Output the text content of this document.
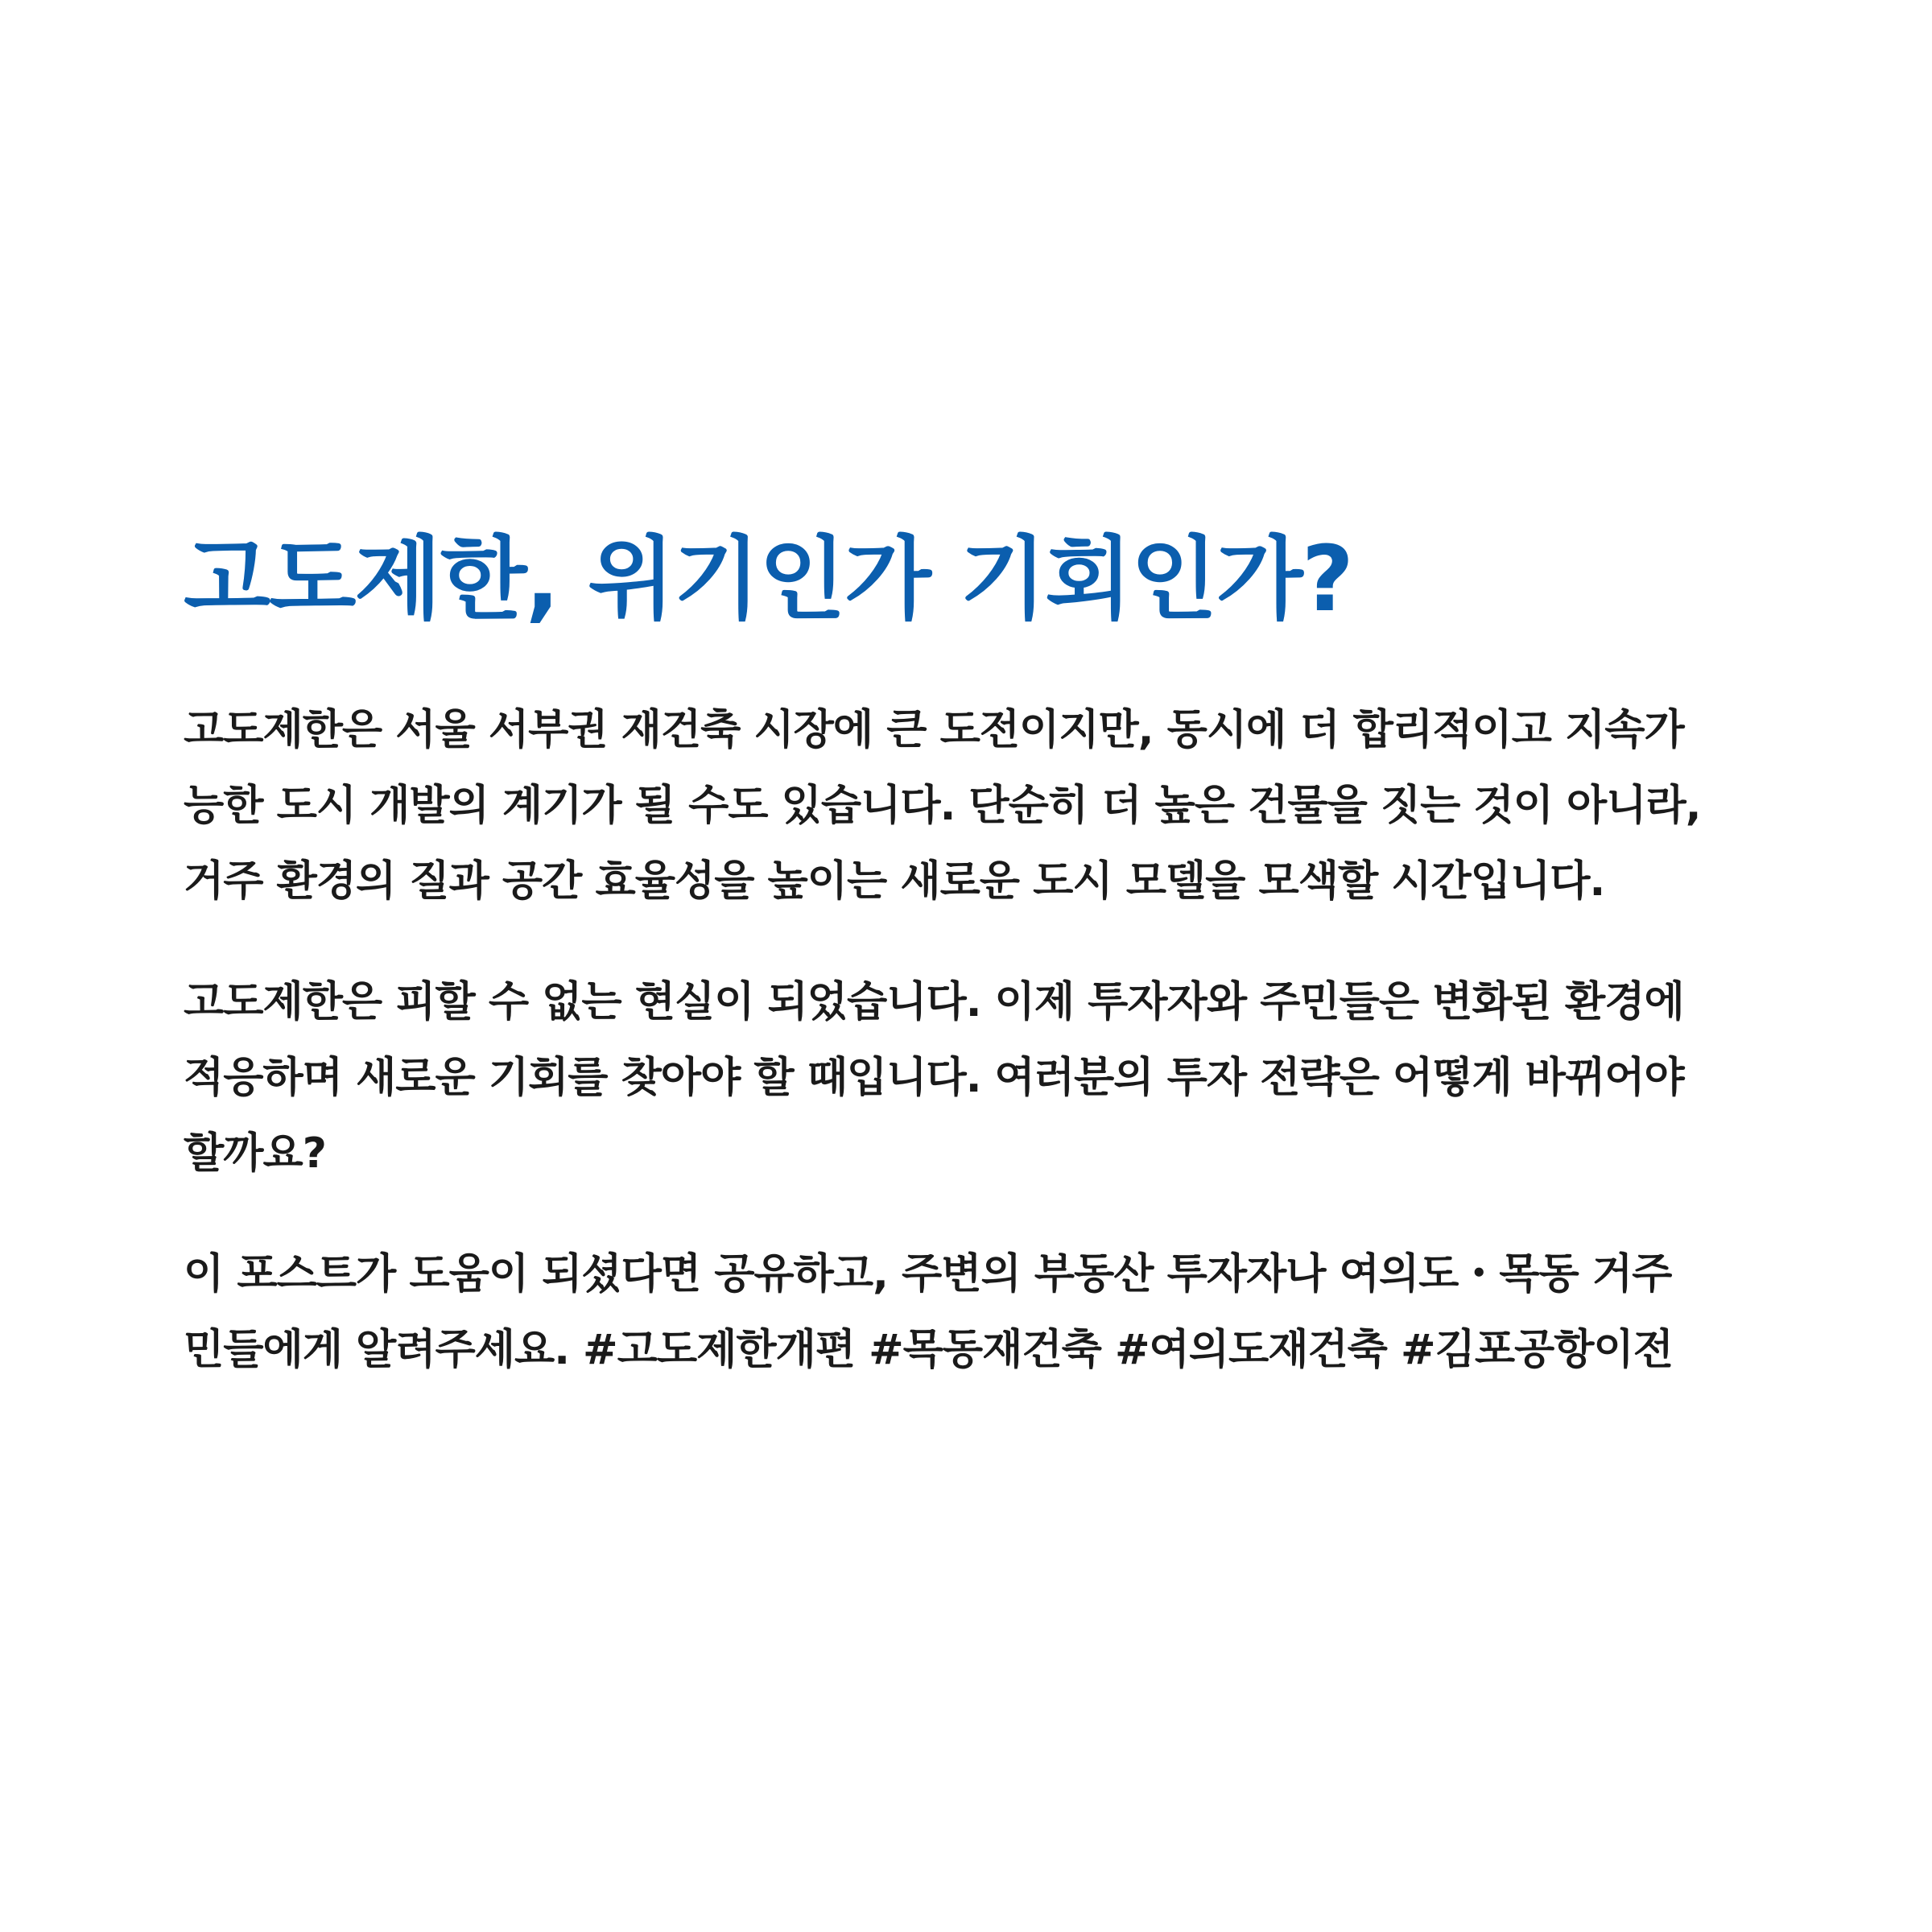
고도제한, 위기인가 기회인가?

고도제한은 서울 서부권 재건축 시장에 큰 도전이지만, 동시에 더 합리적이고 지속가
능한 도시 개발의 계기가 될 수도 있습니다. 단순히 더 높은 건물을 짓는 것이 아니라,
거주 환경의 질과 공간 효율성을 높이는 새로운 도시 모델을 모색할 시간입니다.

고도제한은 피할 수 없는 현실이 되었습니다. 이제 투자자와 주민들은 변화된 환경에
적응하며 새로운 기회를 찾아야 할 때입니다. 여러분의 투자 전략은 어떻게 바뀌어야
할까요?

이 포스트가 도움이 되셨다면 공유하고, 주변의 부동산 투자자나 여의도・목동 거주
민들에게 알려주세요. #고도제한개편 #목동재건축 #여의도재건축 #김포공항이전
